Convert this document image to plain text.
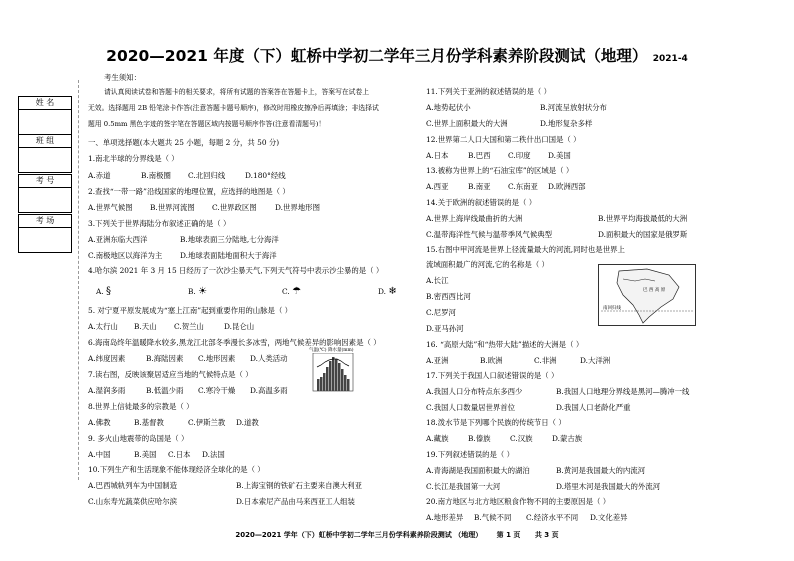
2020—2021 年度（下）虹桥中学初二学年三月份学科素养阶段测试（地理） 2021-4
姓 名
班 组
考 号
考 场
考生须知：
请认真阅读试卷和答题卡的相关要求，将所有试题的答案答在答题卡上，答案写在试卷上
无效。选择题用 2B 铅笔涂卡作答(注意答题卡题号顺序)，修改时用橡皮擦净后再填涂；非选择试
题用 0.5mm 黑色字迹的签字笔在答题区域内按题号顺序作答(注意看清题号)！
一、单项选择题(本大题共 25 小题，每题 2 分，共 50 分)
1.南北半球的分界线是（ ）
A.赤道	B.南极圈 C.北回归线	D.180°经线
2.查找“一带一路”沿线国家的地理位置，应选择的地图是（ ）
A.世界气候图 B.世界河流图 C.世界政区图 D.世界地形图
3.下列关于世界海陆分布叙述正确的是（ ）
A.亚洲东临大西洋	B.地球表面三分陆地,七分海洋
C.南极地区以海洋为主 D.地球表面陆地面积大于海洋
4.哈尔滨 2021 年 3 月 15 日经历了一次沙尘暴天气,下列天气符号中表示沙尘暴的是（ ）
A. §	B. ☀	C. ☂	D. ❄
5. 对宁夏平原发展成为“塞上江南”起到重要作用的山脉是（ ）
A.太行山 B.天山 C.贺兰山	D.昆仑山
6.海南岛终年温暖降水较多,黑龙江北部冬季漫长多冰雪，两地气候差异的影响因素是（ ）
A.纬度因素	B.海陆因素 C.地形因素 D.人类活动
7.读右图，反映该聚居适应当地的气候特点是（ ）
A.湿润多雨	B.低温少雨 C.寒冷干燥 D.高温多雨
8.世界上信徒最多的宗教是（ ）
A.佛教	B.基督教	C.伊斯兰教 D.道教
9. 多火山地震带的岛国是（ ）
A.中国	B.美国 C.日本 D.法国
10.下列生产和生活现象不能体现经济全球化的是（ ）
A.巴西城轨列车为中国制造	B.上海宝钢的铁矿石主要来自澳大利亚
C.山东寿光蔬菜供应哈尔滨	D.日本索尼产品由马来西亚工人组装
气温(℃) 降水量(mm)
11.下列关于亚洲的叙述错误的是（ ）
A.地势起伏小	B.河流呈放射状分布
C.世界上面积最大的大洲	D.地形复杂多样
12.世界第二人口大国和第二秩什出口国是（ ）
A.日本	B.巴西 C.印度 D.美国
13.被称为世界上的“石油宝库”的区域是（ ）
A.西亚	B.南亚 C.东南亚 D.欧洲西部
14.关于欧洲的叙述错误的是（ ）
A.世界上海岸线最曲折的大洲	B.世界平均海拔最低的大洲
C.温带海洋性气候与温带季风气候典型	D.面积最大的国家是俄罗斯
15.右图中甲河流是世界上径流量最大的河流,同时也是世界上
流域面积最广的河流,它的名称是（ ）
A.长江
B.密西西比河
C.尼罗河
D.亚马孙河
16. “高原大陆”和“热带大陆”描述的大洲是（ ）
A.亚洲	B.欧洲	C.非洲	D.大洋洲
17.下列关于我国人口叙述错误的是（ ）
A.我国人口分布特点东多西少	B.我国人口地理分界线是黑河—腾冲一线
C.我国人口数量居世界首位	D.我国人口老龄化严重
18.泼水节是下列哪个民族的传统节日（ ）
A.藏族	B.傣族	C.汉族	D.蒙古族
19.下列叙述错误的是（ ）
A.青海湖是我国面积最大的湖泊	B.黄河是我国最大的内流河
C.长江是我国第一大河	D.塔里木河是我国最大的外流河
20.南方地区与北方地区粮食作物不同的主要原因是（ ）
A.地形差异 B.气候不同 C.经济水平不同 D.文化差异
巴 西 高 原
南回归线
2020—2021 学年（下）虹桥中学初二学年三月份学科素养阶段测试 （地理） 第 1 页 共 3 页
